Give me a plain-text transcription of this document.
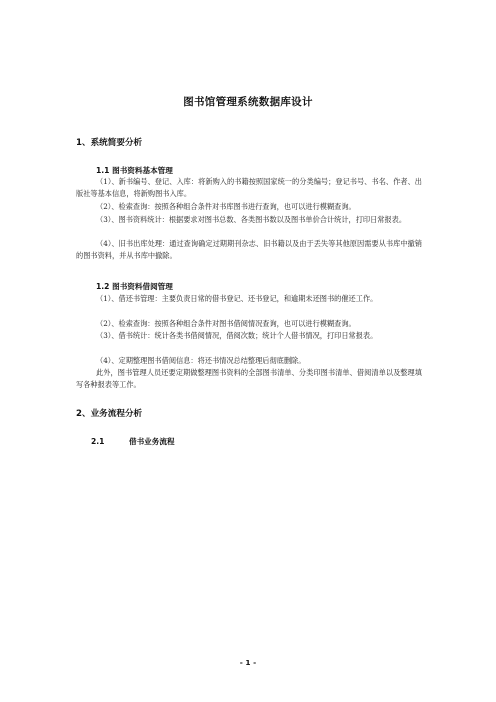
图书馆管理系统数据库设计
1、系统简要分析
1.1 图书资料基本管理
（1）、新书编号、登记、入库：将新购入的书籍按照国家统一的分类编号；登记书号、书名、作者、出版社等基本信息，将新购图书入库。
（2）、检索查询：按照各种组合条件对书库图书进行查询，也可以进行模糊查询。
（3）、图书资料统计：根据要求对图书总数、各类图书数以及图书单价合计统计，打印日常报表。
（4）、旧书出库处理：通过查询确定过期期刊杂志、旧书籍以及由于丢失等其他原因需要从书库中撤销的图书资料，并从书库中撤除。
1.2 图书资料借阅管理
（1）、借还书管理：主要负责日常的借书登记、还书登记，和逾期未还图书的催还工作。
（2）、检索查询：按照各种组合条件对图书借阅情况查询，也可以进行模糊查询。
（3）、借书统计：统计各类书借阅情况，借阅次数；统计个人借书情况，打印日常报表。
（4）、定期整理图书借阅信息：将还书情况总结整理后彻底删除。
此外，图书管理人员还要定期做整理图书资料的全部图书清单、分类印图书清单、借阅清单以及整理填写各种报表等工作。
2、业务流程分析
2.1	借书业务流程
- 1 -
